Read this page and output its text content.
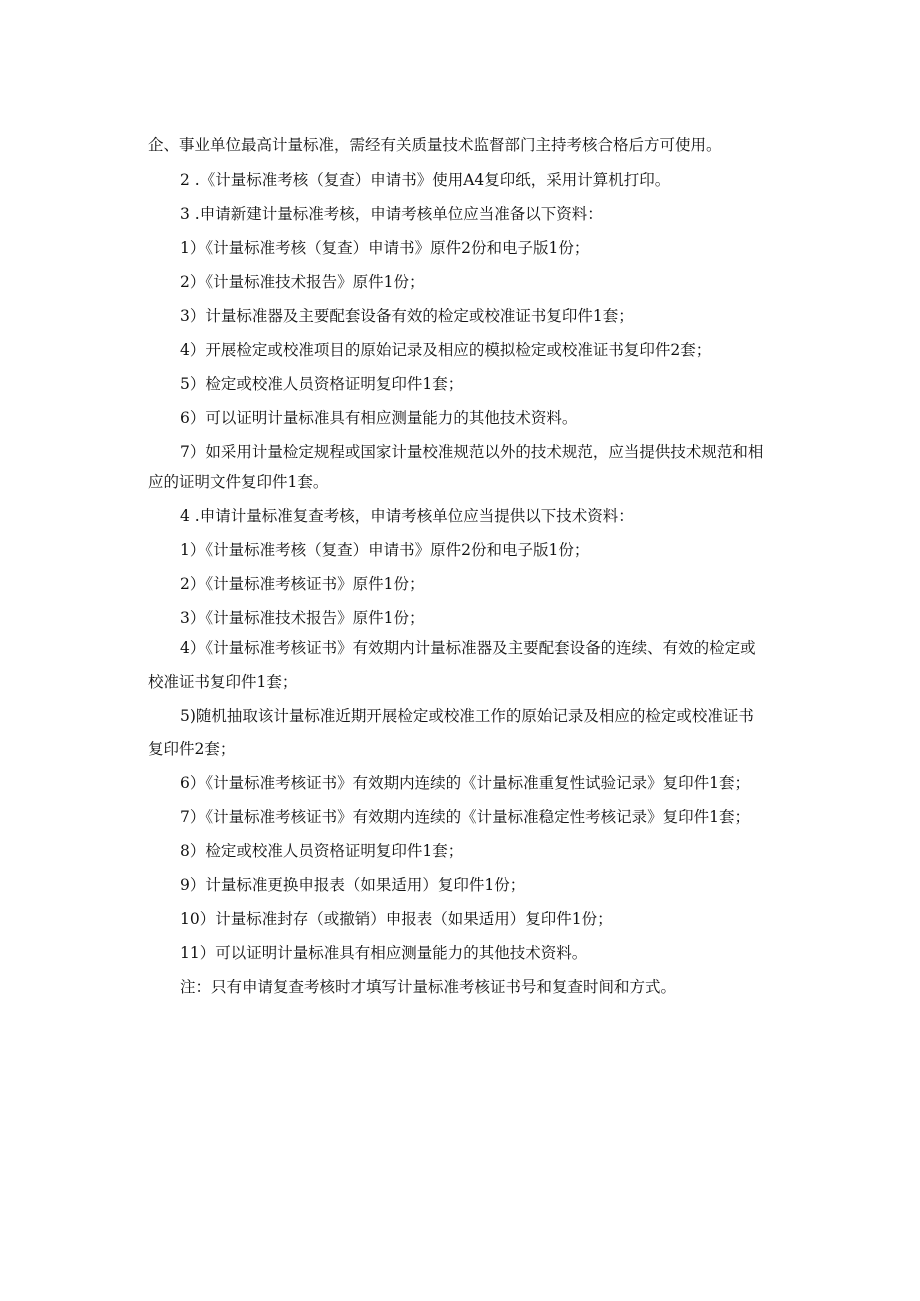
企、事业单位最高计量标准，需经有关质量技术监督部门主持考核合格后方可使用。
2 .《计量标准考核（复查）申请书》使用A4复印纸，采用计算机打印。
3 .申请新建计量标准考核，申请考核单位应当准备以下资料：
1）《计量标准考核（复查）申请书》原件2份和电子版1份；
2）《计量标准技术报告》原件1份；
3）计量标准器及主要配套设备有效的检定或校准证书复印件1套；
4）开展检定或校准项目的原始记录及相应的模拟检定或校准证书复印件2套；
5）检定或校准人员资格证明复印件1套；
6）可以证明计量标准具有相应测量能力的其他技术资料。
7）如采用计量检定规程或国家计量校准规范以外的技术规范，应当提供技术规范和相
应的证明文件复印件1套。
4 .申请计量标准复查考核，申请考核单位应当提供以下技术资料：
1）《计量标准考核（复查）申请书》原件2份和电子版1份；
2）《计量标准考核证书》原件1份；
3）《计量标准技术报告》原件1份；
4）《计量标准考核证书》有效期内计量标准器及主要配套设备的连续、有效的检定或
校准证书复印件1套；
5)随机抽取该计量标准近期开展检定或校准工作的原始记录及相应的检定或校准证书
复印件2套；
6）《计量标准考核证书》有效期内连续的《计量标准重复性试验记录》复印件1套；
7）《计量标准考核证书》有效期内连续的《计量标准稳定性考核记录》复印件1套；
8）检定或校准人员资格证明复印件1套；
9）计量标准更换申报表（如果适用）复印件1份；
10）计量标准封存（或撤销）申报表（如果适用）复印件1份；
11）可以证明计量标准具有相应测量能力的其他技术资料。
注：只有申请复查考核时才填写计量标准考核证书号和复查时间和方式。
